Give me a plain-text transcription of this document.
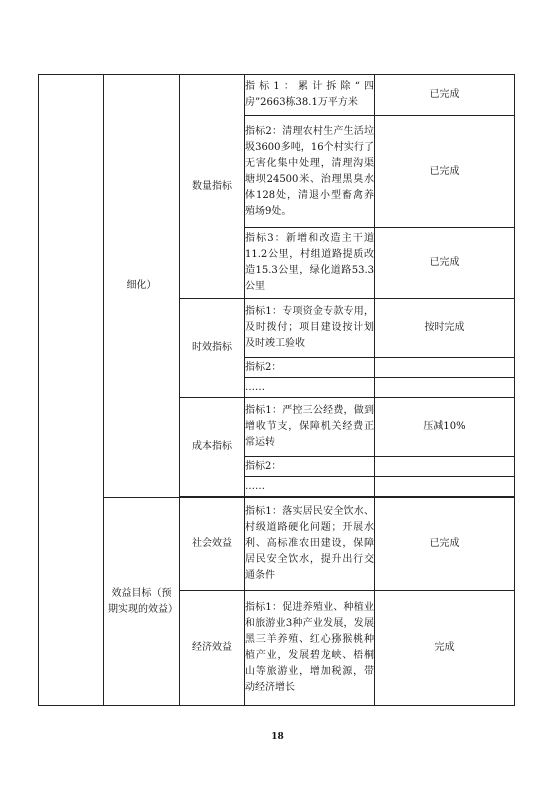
	细化）	数量指标	指标1：累计拆除“四房”2663栋38.1万平方米	已完成
			指标2：清理农村生产生活垃圾3600多吨，16个村实行了无害化集中处理，清理沟渠塘坝24500米、治理黑臭水体128处，清退小型畜禽养殖场9处。	已完成
			指标3：新增和改造主干道11.2公里，村组道路提质改造15.3公里，绿化道路53.3公里	已完成
		时效指标	指标1：专项资金专款专用，及时拨付；项目建设按计划及时竣工验收	按时完成
			指标2：	
			……	
		成本指标	指标1：严控三公经费，做到增收节支，保障机关经费正常运转	压减10%
			指标2：	
			……	

	效益目标（预期实现的效益）	社会效益	指标1：落实居民安全饮水、村级道路硬化问题；开展水利、高标准农田建设，保障居民安全饮水，提升出行交通条件	已完成
		经济效益	指标1：促进养殖业、种植业和旅游业3种产业发展，发展黑三羊养殖、红心猕猴桃种植产业，发展碧龙峡、梧桐山等旅游业，增加税源，带动经济增长	完成
18
